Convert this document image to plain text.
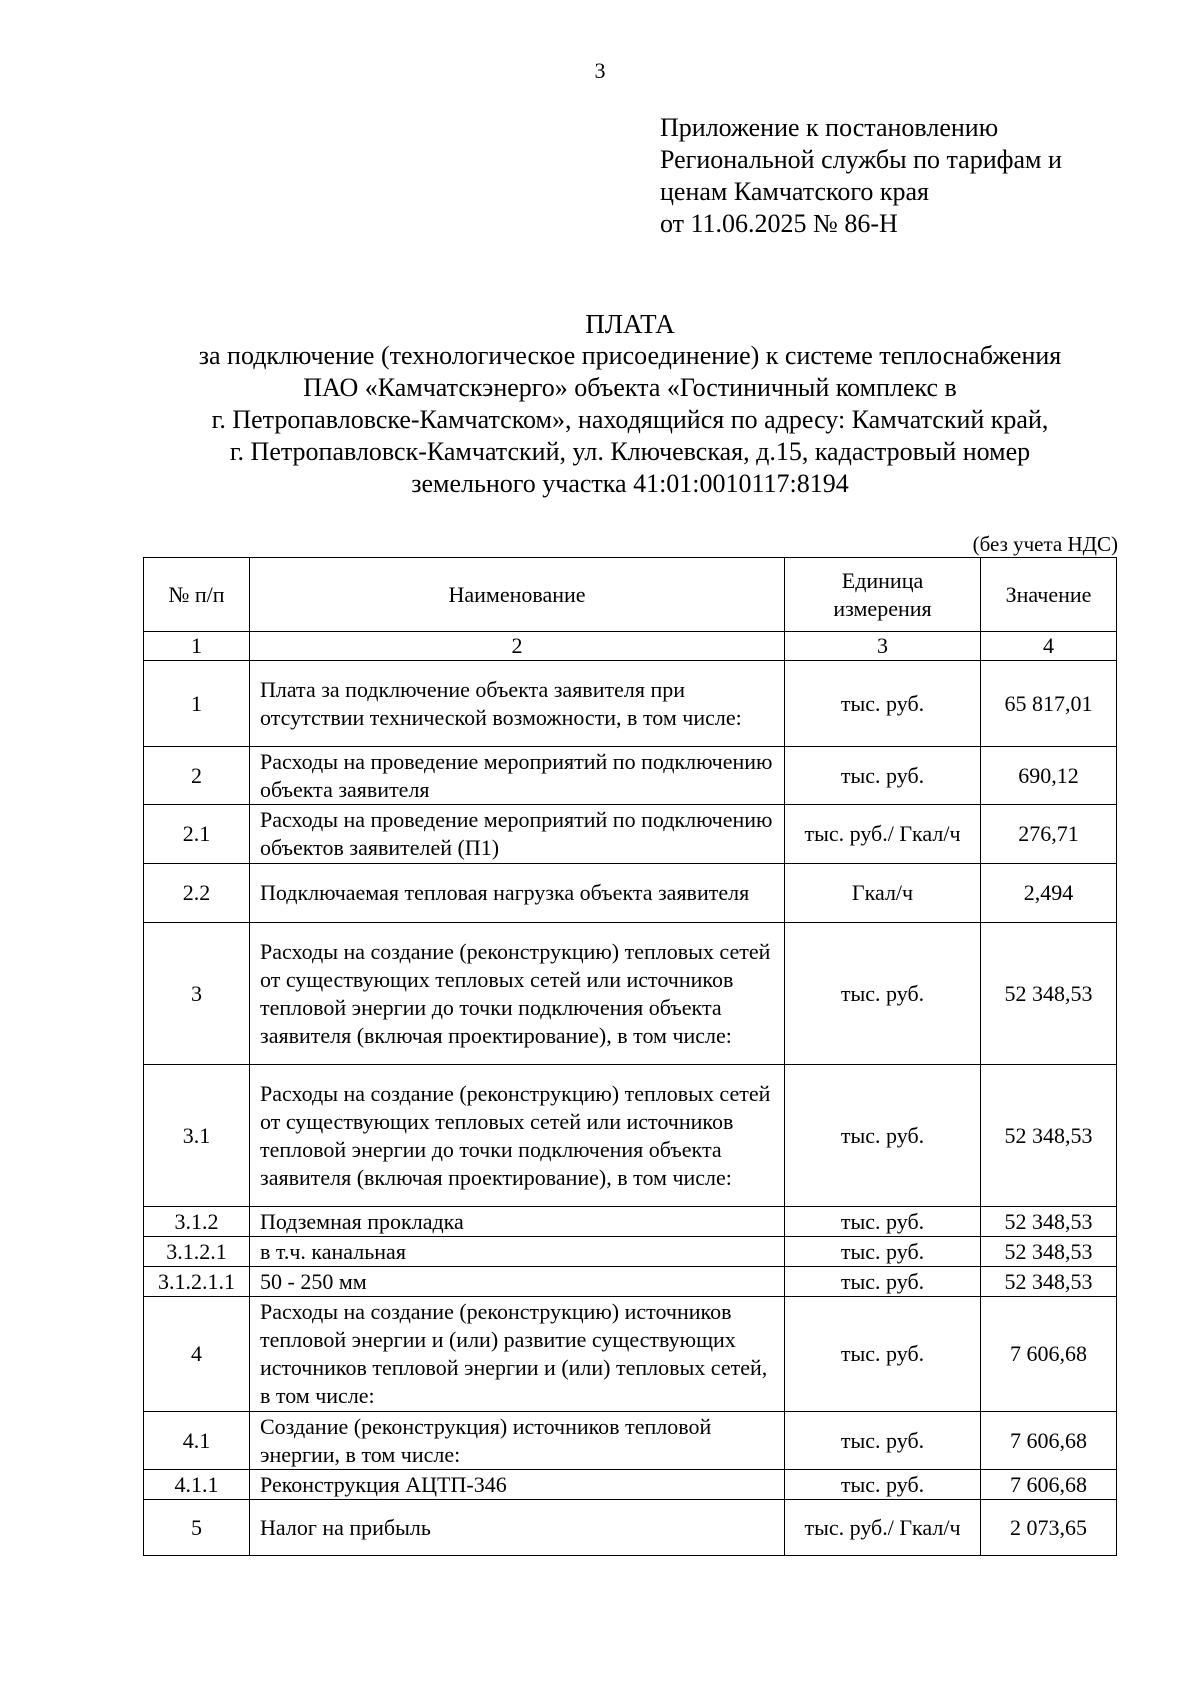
3
Приложение к постановлению
Региональной службы по тарифам и
ценам Камчатского края
от 11.06.2025 № 86-Н
ПЛАТА
за подключение (технологическое присоединение) к системе теплоснабжения
ПАО «Камчатскэнерго» объекта «Гостиничный комплекс в
г. Петропавловске-Камчатском», находящийся по адресу: Камчатский край,
г. Петропавловск-Камчатский, ул. Ключевская, д.15, кадастровый номер
земельного участка 41:01:0010117:8194
(без учета НДС)
№ п/п	Наименование	Единица измерения	Значение
1	2	3	4
1	Плата за подключение объекта заявителя при отсутствии технической возможности, в том числе:	тыс. руб.	65 817,01
2	Расходы на проведение мероприятий по подключению объекта заявителя	тыс. руб.	690,12
2.1	Расходы на проведение мероприятий по подключению объектов заявителей (П1)	тыс. руб./ Гкал/ч	276,71
2.2	Подключаемая тепловая нагрузка объекта заявителя	Гкал/ч	2,494
3	Расходы на создание (реконструкцию) тепловых сетей от существующих тепловых сетей или источников тепловой энергии до точки подключения объекта заявителя (включая проектирование), в том числе:	тыс. руб.	52 348,53
3.1	Расходы на создание (реконструкцию) тепловых сетей от существующих тепловых сетей или источников тепловой энергии до точки подключения объекта заявителя (включая проектирование), в том числе:	тыс. руб.	52 348,53
3.1.2	Подземная прокладка	тыс. руб.	52 348,53
3.1.2.1	в т.ч. канальная	тыс. руб.	52 348,53
3.1.2.1.1	50 - 250 мм	тыс. руб.	52 348,53
4	Расходы на создание (реконструкцию) источников тепловой энергии и (или) развитие существующих источников тепловой энергии и (или) тепловых сетей, в том числе:	тыс. руб.	7 606,68
4.1	Создание (реконструкция) источников тепловой энергии, в том числе:	тыс. руб.	7 606,68
4.1.1	Реконструкция АЦТП-346	тыс. руб.	7 606,68
5	Налог на прибыль	тыс. руб./ Гкал/ч	2 073,65
